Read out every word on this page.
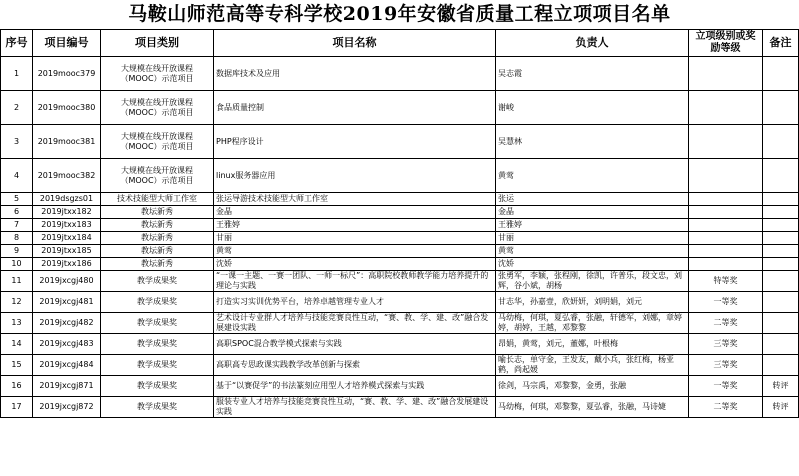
马鞍山师范高等专科学校2019年安徽省质量工程立项项目名单
序号	项目编号	项目类别	项目名称	负责人	立项级别或奖励等级	备注
1	2019mooc379	大规模在线开放课程（MOOC）示范项目	数据库技术及应用	吴志霞		
2	2019mooc380	大规模在线开放课程（MOOC）示范项目	食品质量控制	谢峻		
3	2019mooc381	大规模在线开放课程（MOOC）示范项目	PHP程序设计	吴慧林		
4	2019mooc382	大规模在线开放课程（MOOC）示范项目	linux服务器应用	黄莺		
5	2019dsgzs01	技术技能型大师工作室	张运导游技术技能型大师工作室	张运		
6	2019jtxx182	教坛新秀	金晶	金晶		
7	2019jtxx183	教坛新秀	王雅婷	王雅婷		
8	2019jtxx184	教坛新秀	甘丽	甘丽		
9	2019jtxx185	教坛新秀	黄莺	黄莺		
10	2019jtxx186	教坛新秀	沈娇	沈娇		
11	2019jxcgj480	教学成果奖	“一课一主题、一赛一团队、一师一标尺”：高职院校教师教学能力培养提升的理论与实践	张勇军，李颖，张程刚，徐凯，许普乐，段文忠，刘辉，谷小斌，胡杨	特等奖	
12	2019jxcgj481	教学成果奖	打造实习实训优势平台，培养卓越管理专业人才	甘志华，孙嘉壹，欣妍妍，刘明娟，刘元	一等奖	
13	2019jxcgj482	教学成果奖	艺术设计专业群人才培养与技能竞赛良性互动，“赛、教、学、建、改”融合发展建设实践	马幼梅，何琪，夏弘睿，张融，轩德军，刘娜，章婷婷，胡婷，王越，邓黎黎	二等奖	
14	2019jxcgj483	教学成果奖	高职SPOC混合教学模式探索与实践	昂娟，黄莺，刘元，董娜，叶根梅	三等奖	
15	2019jxcgj484	教学成果奖	高职高专思政课实践教学改革创新与探索	喻长志，单守金，王发友，戴小兵，张红梅，杨亚鹤，尚起媛	三等奖	
16	2019jxcgj871	教学成果奖	基于“以赛促学”的书法篆刻应用型人才培养模式探索与实践	徐剑，马宗禹，邓黎黎，金勇，张融	一等奖	转评
17	2019jxcgj872	教学成果奖	服装专业人才培养与技能竞赛良性互动，“赛、教、学、建、改”融合发展建设实践	马幼梅，何琪，邓黎黎，夏弘睿，张融，马诗婕	二等奖	转评
